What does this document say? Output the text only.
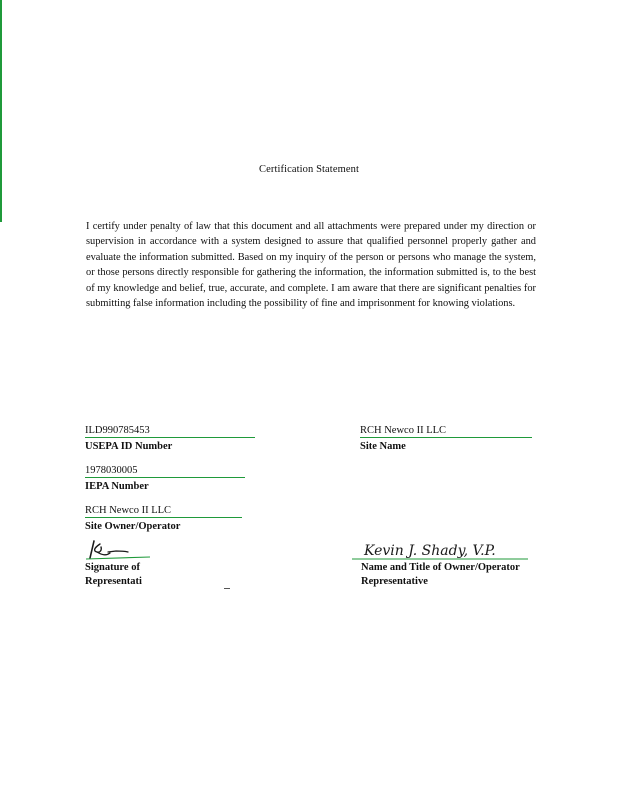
Certification Statement
I certify under penalty of law that this document and all attachments were prepared under my direction or supervision in accordance with a system designed to assure that qualified personnel properly gather and evaluate the information submitted. Based on my inquiry of the person or persons who manage the system, or those persons directly responsible for gathering the information, the information submitted is, to the best of my knowledge and belief, true, accurate, and complete. I am aware that there are significant penalties for submitting false information including the possibility of fine and imprisonment for knowing violations.
ILD990785453
USEPA ID Number
RCH Newco II LLC
Site Name
1978030005
IEPA Number
RCH Newco II LLC
Site Owner/Operator
Signature of
Representati
Kevin J. Shady, V.P.
Name and Title of Owner/Operator
Representative
